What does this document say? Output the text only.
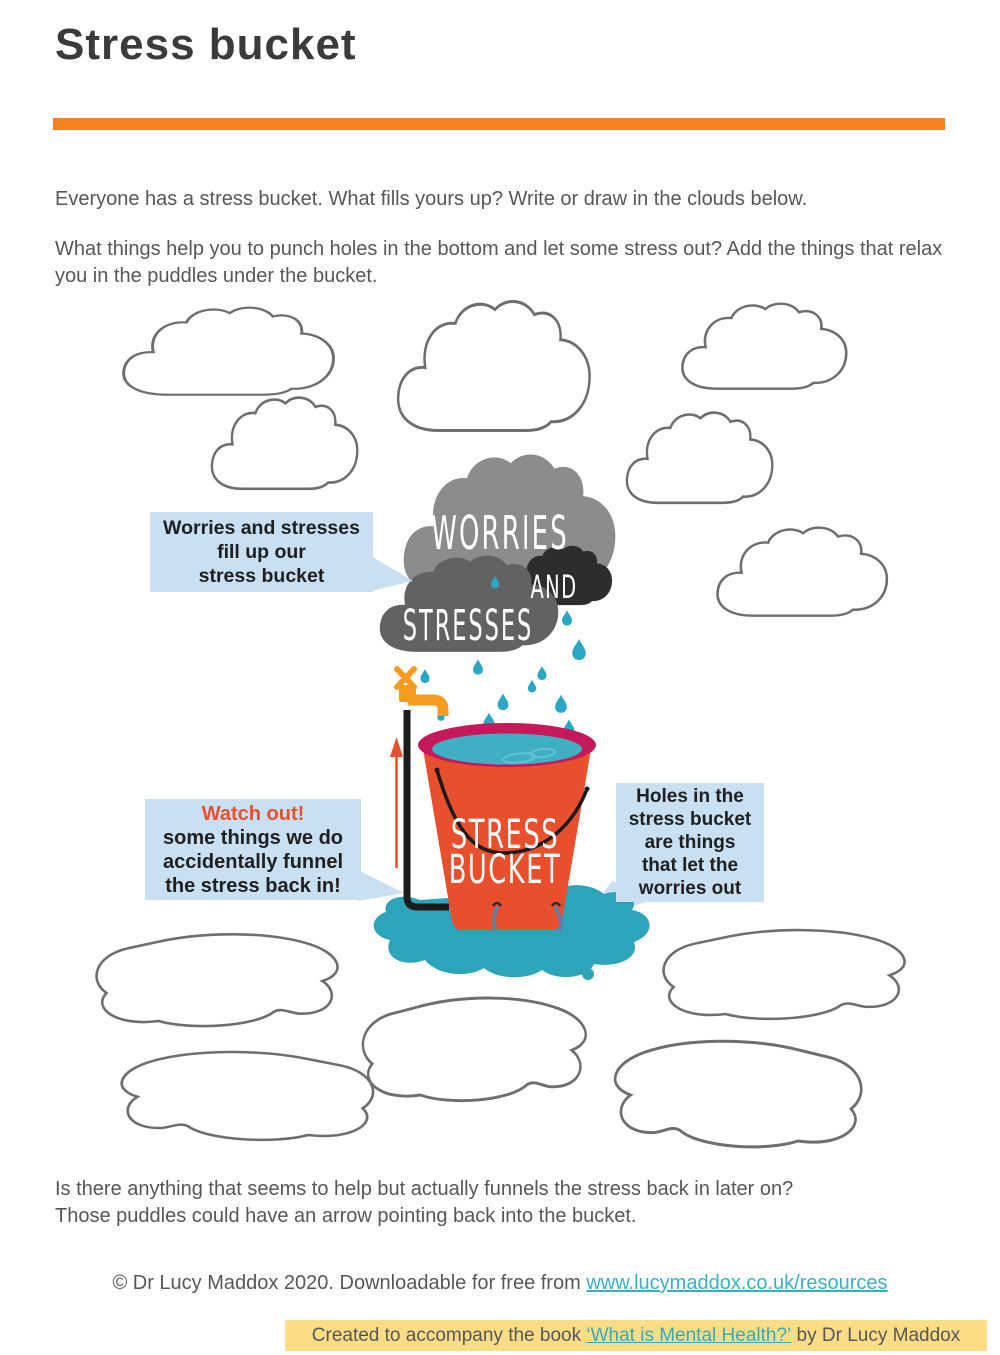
Stress bucket

Everyone has a stress bucket. What fills yours up? Write or draw in the clouds below.

What things help you to punch holes in the bottom and let some stress out? Add the things that relax you in the puddles under the bucket.

WORRIES
AND
STRESSES
STRESS
BUCKET
Worries and stresses
fill up our
stress bucket
Watch out!
some things we do
accidentally funnel
the stress back in!
Holes in the
stress bucket
are things
that let the
worries out
Is there anything that seems to help but actually funnels the stress back in later on?
Those puddles could have an arrow pointing back into the bucket.
© Dr Lucy Maddox 2020. Downloadable for free from www.lucymaddox.co.uk/resources
Created to accompany the book ‘What is Mental Health?’ by Dr Lucy Maddox
